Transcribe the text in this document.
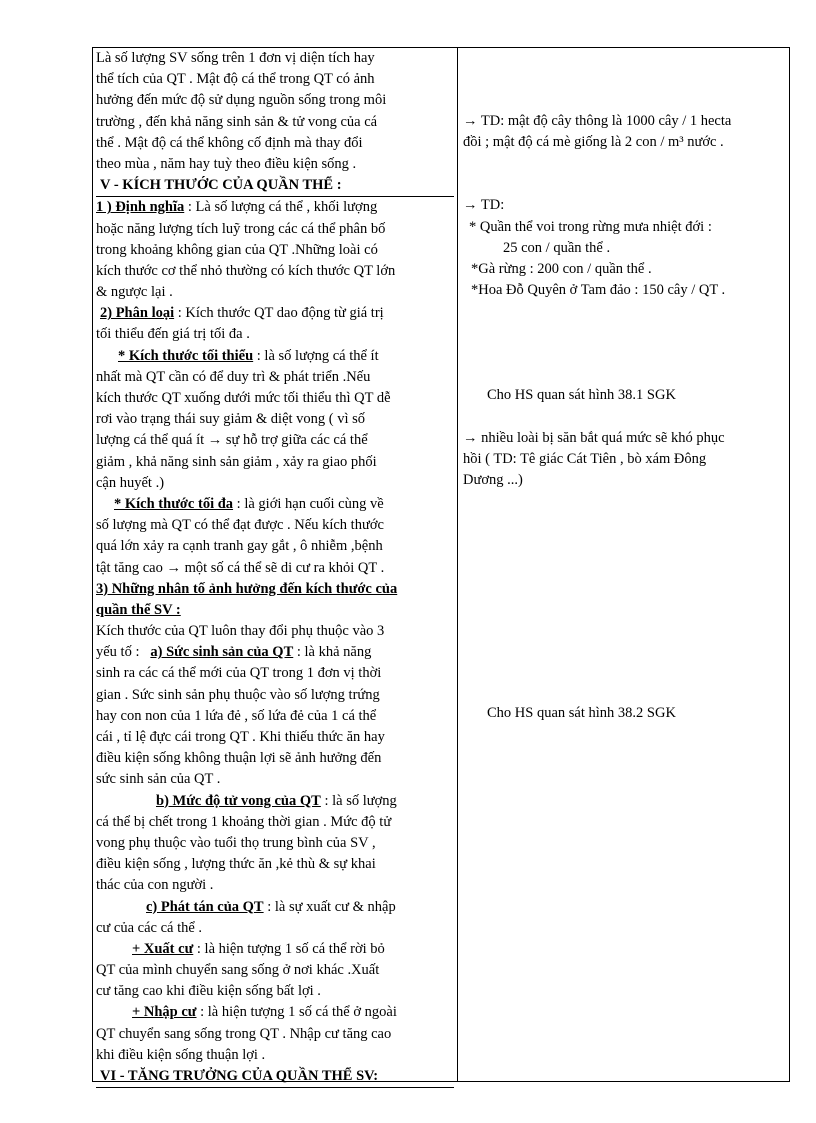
Là số lượng SV sống trên 1 đơn vị diện tích hay
thể tích của QT . Mật độ cá thể trong QT có ảnh
hưởng đến mức độ sử dụng nguồn sống trong môi
trường , đến khả năng sinh sản & tử vong của cá
thể . Mật độ cá thể không cố định mà thay đổi
theo mùa , năm hay tuỳ theo điều kiện sống .
V - KÍCH THƯỚC CỦA QUẦN THỂ :
1 ) Định nghĩa : Là số lượng cá thể , khối lượng
hoặc năng lượng tích luỹ trong các cá thể phân bố
trong khoảng không gian của QT .Những loài có
kích thước cơ thể nhỏ thường có kích thước QT lớn
& ngược lại .
2) Phân loại : Kích thước QT dao động từ giá trị
tối thiểu đến giá trị tối đa .
* Kích thước tối thiểu : là số lượng cá thể ít
nhất mà QT cần có để duy trì & phát triển .Nếu
kích thước QT xuống dưới mức tối thiểu thì QT dễ
rơi vào trạng thái suy giảm & diệt vong ( vì số
lượng cá thể quá ít → sự hỗ trợ giữa các cá thể
giảm , khả năng sinh sản giảm , xảy ra giao phối
cận huyết .)
* Kích thước tối đa : là giới hạn cuối cùng về
số lượng mà QT có thể đạt được . Nếu kích thước
quá lớn xảy ra cạnh tranh gay gắt , ô nhiễm ,bệnh
tật tăng cao → một số cá thể sẽ di cư ra khỏi QT .
3) Những nhân tố ảnh hưởng đến kích thước của
quần thể SV :
Kích thước của QT luôn thay đổi phụ thuộc vào 3
yếu tố : a) Sức sinh sản của QT : là khả năng
sinh ra các cá thể mới của QT trong 1 đơn vị thời
gian . Sức sinh sản phụ thuộc vào số lượng trứng
hay con non của 1 lứa đẻ , số lứa đẻ của 1 cá thể
cái , tỉ lệ đực cái trong QT . Khi thiếu thức ăn hay
điều kiện sống không thuận lợi sẽ ảnh hưởng đến
sức sinh sản của QT .
b) Mức độ tử vong của QT : là số lượng
cá thể bị chết trong 1 khoảng thời gian . Mức độ tử
vong phụ thuộc vào tuổi thọ trung bình của SV ,
điều kiện sống , lượng thức ăn ,kẻ thù & sự khai
thác của con người .
c) Phát tán của QT : là sự xuất cư & nhập
cư của các cá thể .
+ Xuất cư : là hiện tượng 1 số cá thể rời bỏ
QT của mình chuyển sang sống ở nơi khác .Xuất
cư tăng cao khi điều kiện sống bất lợi .
+ Nhập cư : là hiện tượng 1 số cá thể ở ngoài
QT chuyển sang sống trong QT . Nhập cư tăng cao
khi điều kiện sống thuận lợi .
VI - TĂNG TRƯỞNG CỦA QUẦN THỂ SV:
→ TD: mật độ cây thông là 1000 cây / 1 hecta
đồi ; mật độ cá mè giống là 2 con / m³ nước .
→ TD:
* Quần thể voi trong rừng mưa nhiệt đới :
25 con / quần thể .
*Gà rừng : 200 con / quần thể .
*Hoa Đỗ Quyên ở Tam đảo : 150 cây / QT .
Cho HS quan sát hình 38.1 SGK
→ nhiều loài bị săn bắt quá mức sẽ khó phục
hồi ( TD: Tê giác Cát Tiên , bò xám Đông
Dương ...)
Cho HS quan sát hình 38.2 SGK
